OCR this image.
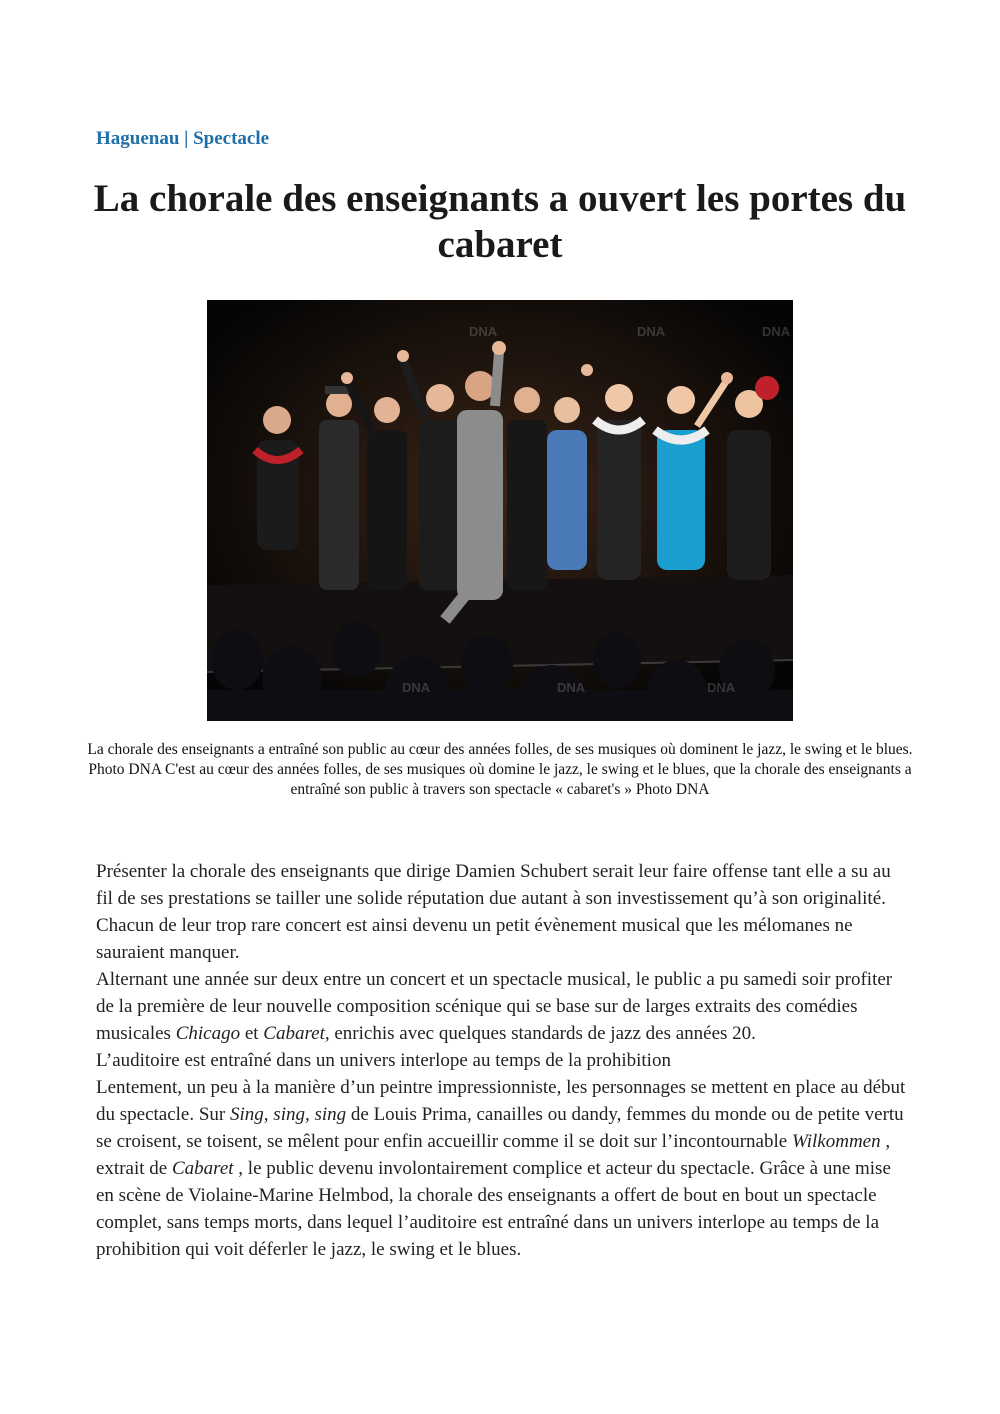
Haguenau | Spectacle
La chorale des enseignants a ouvert les portes du cabaret
DNA	DNA	DNA
DNA	DNA	DNA

La chorale des enseignants a entraîné son public au cœur des années folles, de ses musiques où dominent le jazz, le swing et le blues. Photo DNA C'est au cœur des années folles, de ses musiques où domine le jazz, le swing et le blues, que la chorale des enseignants a entraîné son public à travers son spectacle « cabaret's » Photo DNA

Présenter la chorale des enseignants que dirige Damien Schubert serait leur faire offense tant elle a su au fil de ses prestations se tailler une solide réputation due autant à son investissement qu’à son originalité. Chacun de leur trop rare concert est ainsi devenu un petit évènement musical que les mélomanes ne sauraient manquer.

Alternant une année sur deux entre un concert et un spectacle musical, le public a pu samedi soir profiter de la première de leur nouvelle composition scénique qui se base sur de larges extraits des comédies musicales Chicago et Cabaret, enrichis avec quelques standards de jazz des années 20.

L’auditoire est entraîné dans un univers interlope au temps de la prohibition

Lentement, un peu à la manière d’un peintre impressionniste, les personnages se mettent en place au début du spectacle. Sur Sing, sing, sing de Louis Prima, canailles ou dandy, femmes du monde ou de petite vertu se croisent, se toisent, se mêlent pour enfin accueillir comme il se doit sur l’incontournable Wilkommen , extrait de Cabaret , le public devenu involontairement complice et acteur du spectacle. Grâce à une mise en scène de Violaine-Marine Helmbod, la chorale des enseignants a offert de bout en bout un spectacle complet, sans temps morts, dans lequel l’auditoire est entraîné dans un univers interlope au temps de la prohibition qui voit déferler le jazz, le swing et le blues.
